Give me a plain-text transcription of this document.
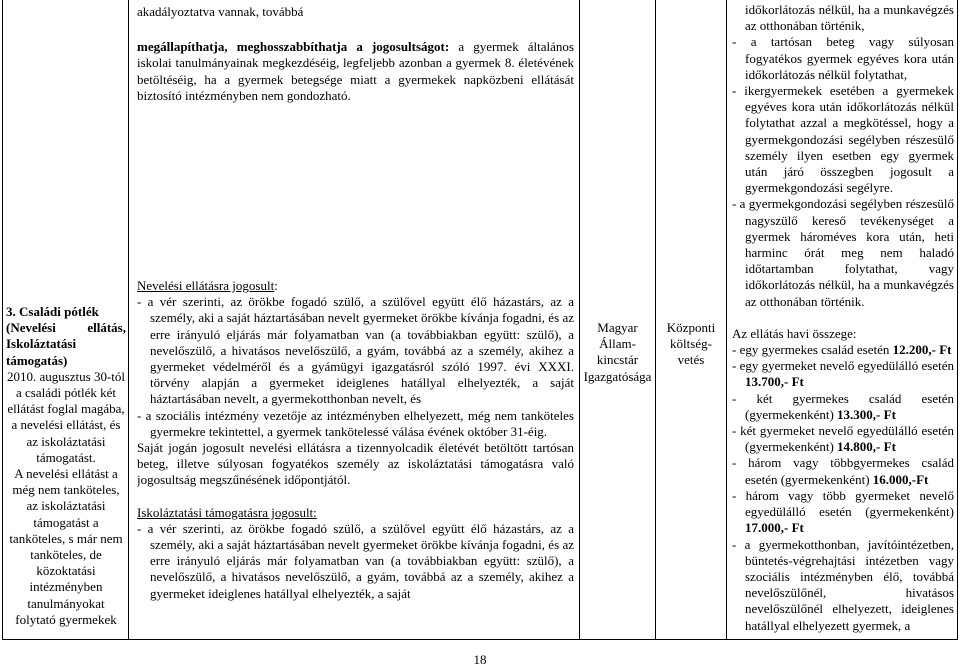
3. Családi pótlék
(Nevelési ellátás,
Iskoláztatási
támogatás)
2010. augusztus 30-tól
a családi pótlék két
ellátást foglal magába,
a nevelési ellátást, és
az iskoláztatási
támogatást.
A nevelési ellátást a
még nem tanköteles,
az iskoláztatási
támogatást a
tanköteles, s már nem
tanköteles, de
közoktatási
intézményben
tanulmányokat
folytató gyermekek
akadályoztatva vannak, továbbá

megállapíthatja, meghosszabbíthatja a jogosultságot: a gyermek általános iskolai tanulmányainak megkezdéséig, legfeljebb azonban a gyermek 8. életévének betöltéséig, ha a gyermek betegsége miatt a gyermekek napközbeni ellátását biztosító intézményben nem gondozható.

Nevelési ellátásra jogosult:

- a vér szerinti, az örökbe fogadó szülő, a szülővel együtt élő házastárs, az a személy, aki a saját háztartásában nevelt gyermeket örökbe kívánja fogadni, és az erre irányuló eljárás már folyamatban van (a továbbiakban együtt: szülő), a nevelőszülő, a hivatásos nevelőszülő, a gyám, továbbá az a személy, akihez a gyermeket védelméről és a gyámügyi igazgatásról szóló 1997. évi XXXI. törvény alapján a gyermeket ideiglenes hatállyal elhelyezték, a saját háztartásában nevelt, a gyermekotthonban nevelt, és

- a szociális intézmény vezetője az intézményben elhelyezett, még nem tanköteles gyermekre tekintettel, a gyermek tankötelessé válása évének október 31-éig.

Saját jogán jogosult nevelési ellátásra a tizennyolcadik életévét betöltött tartósan beteg, illetve súlyosan fogyatékos személy az iskoláztatási támogatásra való jogosultság megszűnésének időpontjától.

Iskoláztatási támogatásra jogosult:

- a vér szerinti, az örökbe fogadó szülő, a szülővel együtt élő házastárs, az a személy, aki a saját háztartásában nevelt gyermeket örökbe kívánja fogadni, és az erre irányuló eljárás már folyamatban van (a továbbiakban együtt: szülő), a nevelőszülő, a hivatásos nevelőszülő, a gyám, továbbá az a személy, akihez a gyermeket ideiglenes hatállyal elhelyezték, a saját

Magyar
Állam-
kincstár
Igazgatósága
Központi
költség-
vetés

időkorlátozás nélkül, ha a munkavégzés az otthonában történik,

- a tartósan beteg vagy súlyosan fogyatékos gyermek egyéves kora után időkorlátozás nélkül folytathat,

- ikergyermekek esetében a gyermekek egyéves kora után időkorlátozás nélkül folytathat azzal a megkötéssel, hogy a gyermekgondozási segélyben részesülő személy ilyen esetben egy gyermek után járó összegben jogosult a gyermekgondozási segélyre.

- a gyermekgondozási segélyben részesülő nagyszülő kereső tevékenységet a gyermek hároméves kora után, heti harminc órát meg nem haladó időtartamban folytathat, vagy időkorlátozás nélkül, ha a munkavégzés az otthonában történik.

Az ellátás havi összege:

- egy gyermekes család esetén 12.200,- Ft

- egy gyermeket nevelő egyedülálló esetén 13.700,- Ft

- két gyermekes család esetén (gyermekenként) 13.300,- Ft

- két gyermeket nevelő egyedülálló esetén (gyermekenként) 14.800,- Ft

- három vagy többgyermekes család esetén (gyermekenként) 16.000,-Ft

- három vagy több gyermeket nevelő egyedülálló esetén (gyermekenként) 17.000,- Ft

- a gyermekotthonban, javítóintézetben, büntetés-végrehajtási intézetben vagy szociális intézményben élő, továbbá nevelőszülőnél, hivatásos nevelőszülőnél elhelyezett, ideiglenes hatállyal elhelyezett gyermek, a

18
